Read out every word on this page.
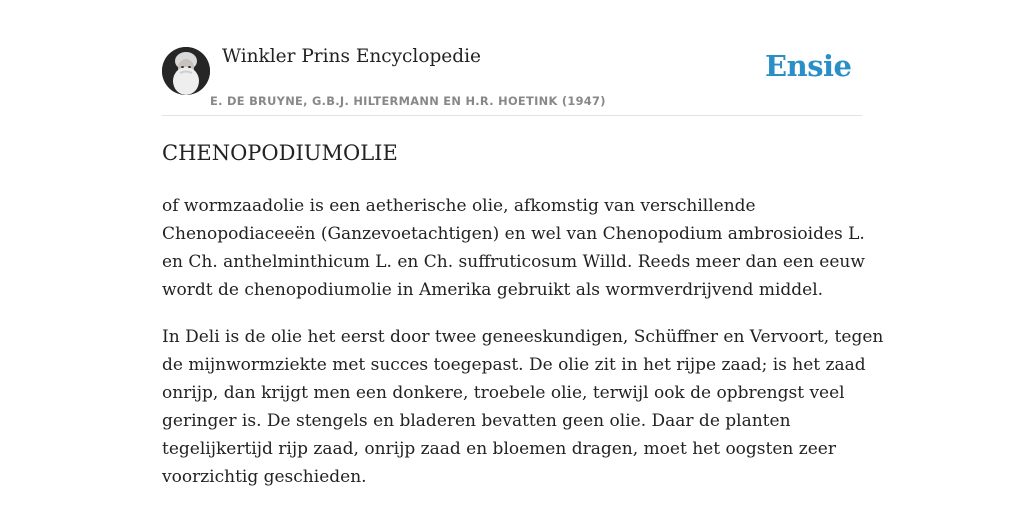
Winkler Prins Encyclopedie	Ensie
E. DE BRUYNE, G.B.J. HILTERMANN EN H.R. HOETINK (1947)
CHENOPODIUMOLIE

of wormzaadolie is een aetherische olie, afkomstig van verschillende
Chenopodiaceeën (Ganzevoetachtigen) en wel van Chenopodium ambrosioides L.
en Ch. anthelminthicum L. en Ch. suffruticosum Willd. Reeds meer dan een eeuw
wordt de chenopodiumolie in Amerika gebruikt als wormverdrijvend middel.

In Deli is de olie het eerst door twee geneeskundigen, Schüffner en Vervoort, tegen
de mijnwormziekte met succes toegepast. De olie zit in het rijpe zaad; is het zaad
onrijp, dan krijgt men een donkere, troebele olie, terwijl ook de opbrengst veel
geringer is. De stengels en bladeren bevatten geen olie. Daar de planten
tegelijkertijd rijp zaad, onrijp zaad en bloemen dragen, moet het oogsten zeer
voorzichtig geschieden.
